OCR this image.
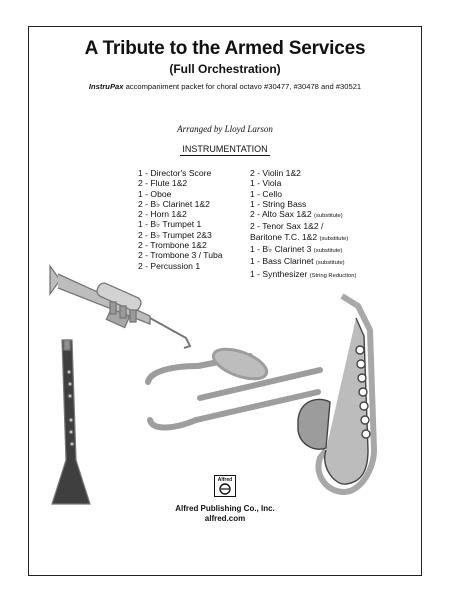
A Tribute to the Armed Services
(Full Orchestration)
InstruPax accompaniment packet for choral octavo #30477, #30478 and #30521
Arranged by Lloyd Larson
INSTRUMENTATION
1 - Director's Score
2 - Flute 1&2
1 - Oboe
2 - B♭ Clarinet 1&2
2 - Horn 1&2
1 - B♭ Trumpet 1
2 - B♭ Trumpet 2&3
2 - Trombone 1&2
2 - Trombone 3 / Tuba
2 - Percussion 1
2 - Violin 1&2
1 - Viola
1 - Cello
1 - String Bass
2 - Alto Sax 1&2 (substitute)
2 - Tenor Sax 1&2 /
Baritone T.C. 1&2 (substitute)
1 - B♭ Clarinet 3 (substitute)
1 - Bass Clarinet (substitute)
1 - Synthesizer (String Reduction)
Alfred
Alfred Publishing Co., Inc.
alfred.com
